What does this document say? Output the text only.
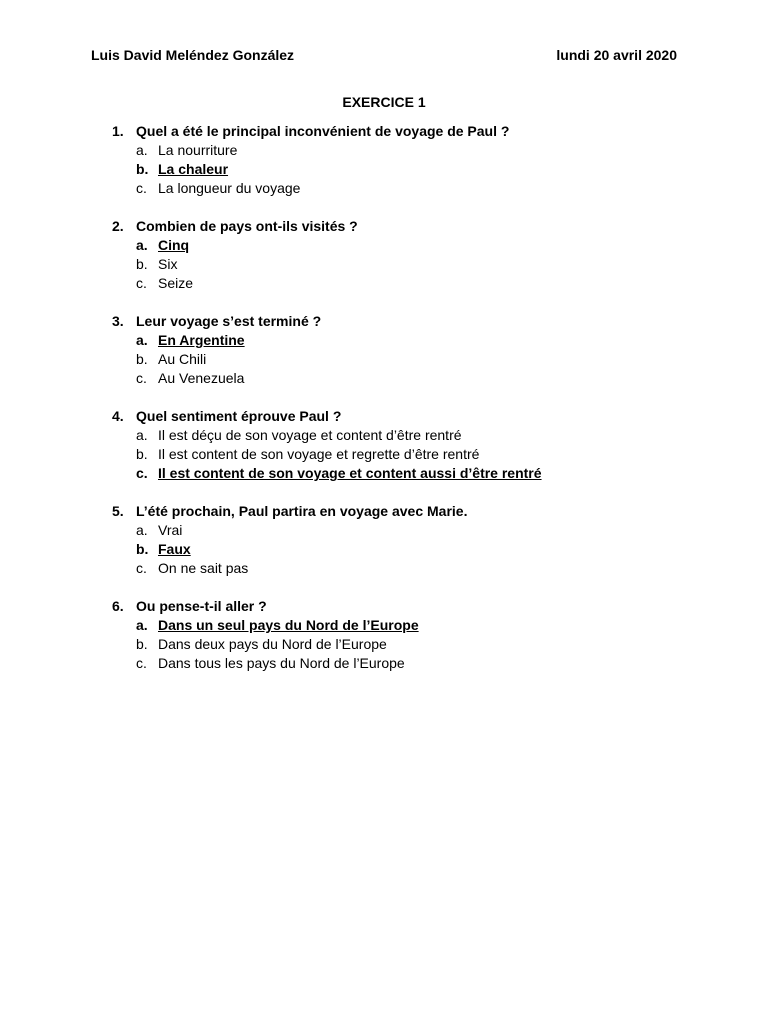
Luis David Meléndez González	lundi 20 avril 2020
EXERCICE 1
1. Quel a été le principal inconvénient de voyage de Paul ?
a. La nourriture
b. La chaleur
c. La longueur du voyage
2. Combien de pays ont-ils visités ?
a. Cinq
b. Six
c. Seize
3. Leur voyage s’est terminé ?
a. En Argentine
b. Au Chili
c. Au Venezuela
4. Quel sentiment éprouve Paul ?
a. Il est déçu de son voyage et content d’être rentré
b. Il est content de son voyage et regrette d’être rentré
c. Il est content de son voyage et content aussi d’être rentré
5. L’été prochain, Paul partira en voyage avec Marie.
a. Vrai
b. Faux
c. On ne sait pas
6. Ou pense-t-il aller ?
a. Dans un seul pays du Nord de l’Europe
b. Dans deux pays du Nord de l’Europe
c. Dans tous les pays du Nord de l’Europe
